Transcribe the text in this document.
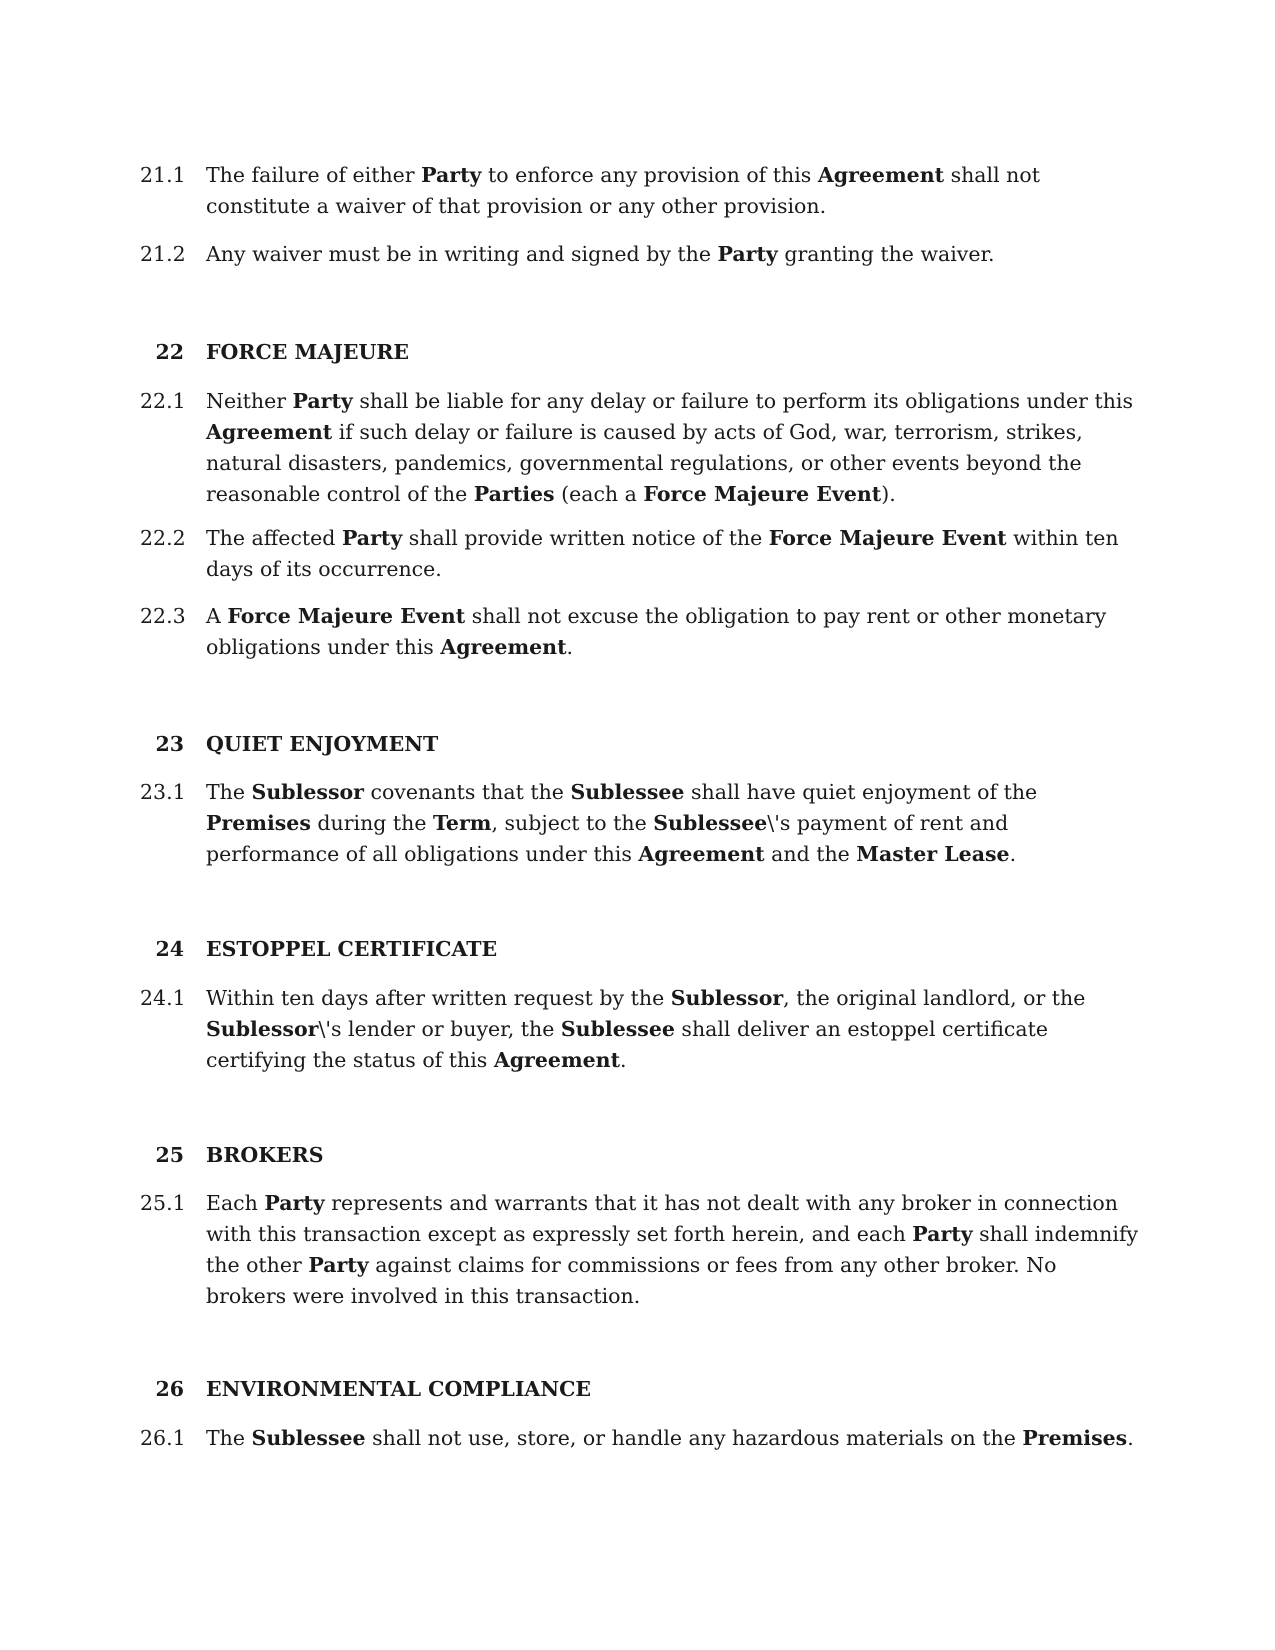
21.1 The failure of either Party to enforce any provision of this Agreement shall not constitute a waiver of that provision or any other provision.
21.2 Any waiver must be in writing and signed by the Party granting the waiver.
22 FORCE MAJEURE
22.1 Neither Party shall be liable for any delay or failure to perform its obligations under this Agreement if such delay or failure is caused by acts of God, war, terrorism, strikes, natural disasters, pandemics, governmental regulations, or other events beyond the reasonable control of the Parties (each a Force Majeure Event).
22.2 The affected Party shall provide written notice of the Force Majeure Event within ten days of its occurrence.
22.3 A Force Majeure Event shall not excuse the obligation to pay rent or other monetary obligations under this Agreement.
23 QUIET ENJOYMENT
23.1 The Sublessor covenants that the Sublessee shall have quiet enjoyment of the Premises during the Term, subject to the Sublessee\'s payment of rent and performance of all obligations under this Agreement and the Master Lease.
24 ESTOPPEL CERTIFICATE
24.1 Within ten days after written request by the Sublessor, the original landlord, or the Sublessor\'s lender or buyer, the Sublessee shall deliver an estoppel certificate certifying the status of this Agreement.
25 BROKERS
25.1 Each Party represents and warrants that it has not dealt with any broker in connection with this transaction except as expressly set forth herein, and each Party shall indemnify the other Party against claims for commissions or fees from any other broker. No brokers were involved in this transaction.
26 ENVIRONMENTAL COMPLIANCE
26.1 The Sublessee shall not use, store, or handle any hazardous materials on the Premises.
